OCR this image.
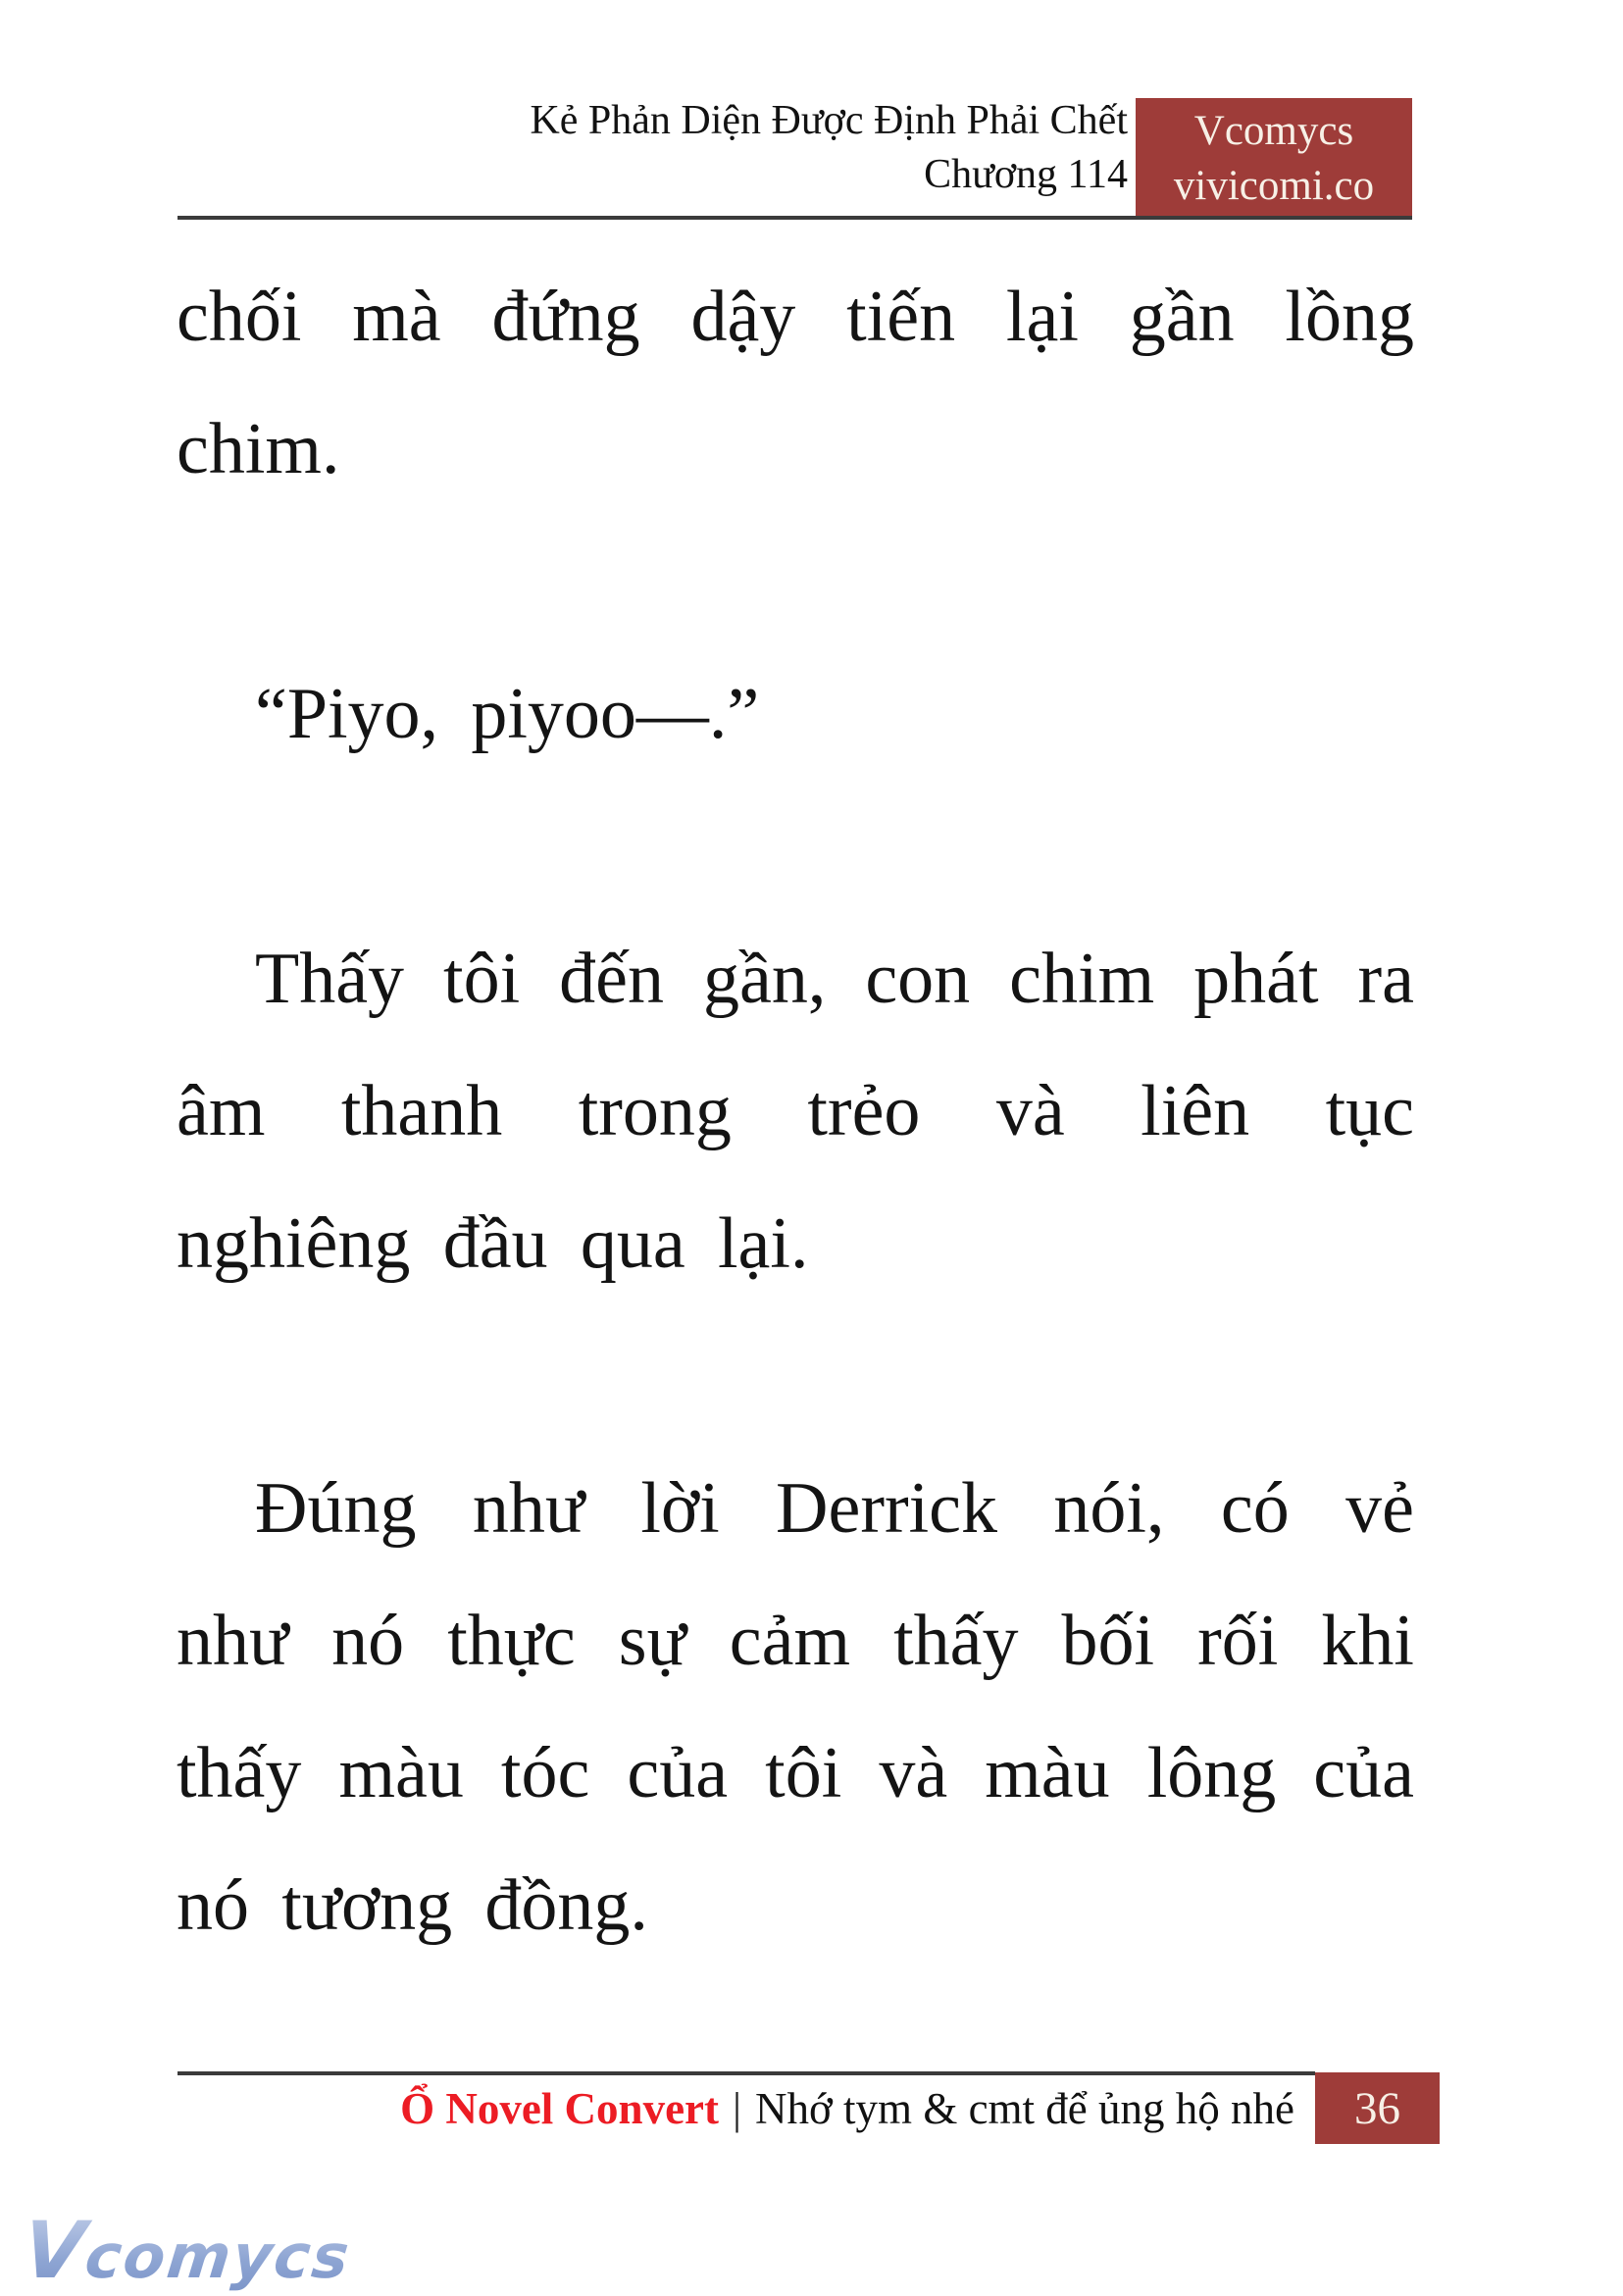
Kẻ Phản Diện Được Định Phải Chết
Chương 114
Vcomycs
vivicomi.co

chối mà đứng dậy tiến lại gần lồng chim.

“Piyo, piyoo—.”

Thấy tôi đến gần, con chim phát ra âm thanh trong trẻo và liên tục nghiêng đầu qua lại.

Đúng như lời Derrick nói, có vẻ như nó thực sự cảm thấy bối rối khi thấy màu tóc của tôi và màu lông của nó tương đồng.

Ổ Novel Convert | Nhớ tym & cmt để ủng hộ nhé 36
Vcomycs
